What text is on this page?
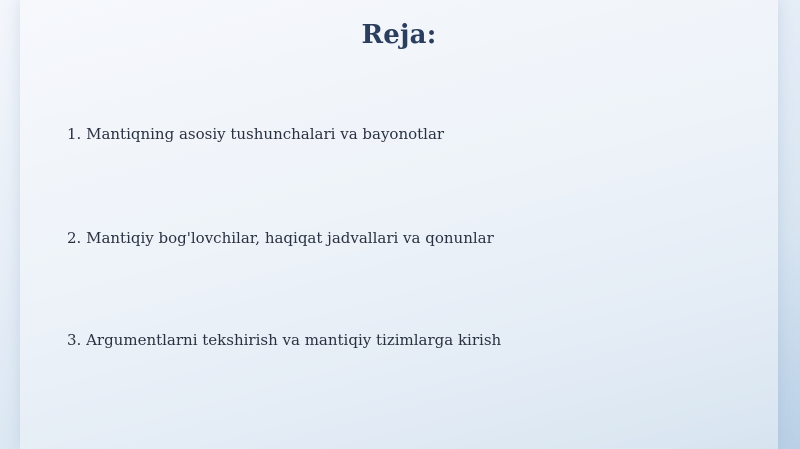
Reja:
1. Mantiqning asosiy tushunchalari va bayonotlar
2. Mantiqiy bog'lovchilar, haqiqat jadvallari va qonunlar
3. Argumentlarni tekshirish va mantiqiy tizimlarga kirish
